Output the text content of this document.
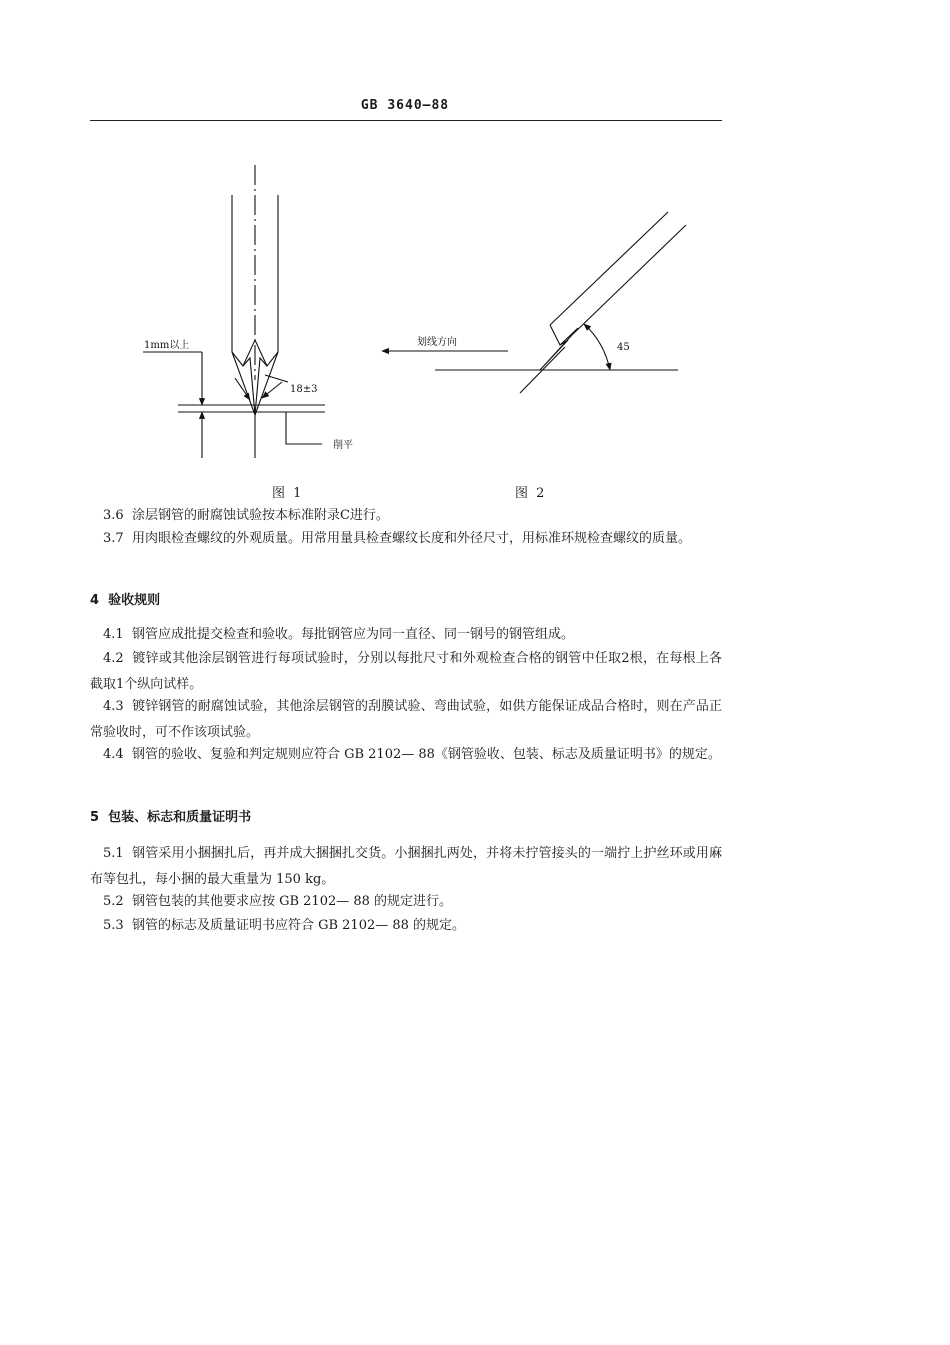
GB 3640—88
1mm以上
18±3
削平
划线方向	45
图 1	图 2
3.6 涂层钢管的耐腐蚀试验按本标准附录C进行。
3.7 用肉眼检查螺纹的外观质量。用常用量具检查螺纹长度和外径尺寸，用标准环规检查螺纹的质量。
4 验收规则
4.1 钢管应成批提交检查和验收。每批钢管应为同一直径、同一钢号的钢管组成。
4.2 镀锌或其他涂层钢管进行每项试验时，分别以每批尺寸和外观检查合格的钢管中任取2根，在每根上各截取1个纵向试样。
4.3 镀锌钢管的耐腐蚀试验，其他涂层钢管的刮膜试验、弯曲试验，如供方能保证成品合格时，则在产品正常验收时，可不作该项试验。
4.4 钢管的验收、复验和判定规则应符合 GB 2102— 88《钢管验收、包装、标志及质量证明书》的规定。
5 包装、标志和质量证明书
5.1 钢管采用小捆捆扎后，再并成大捆捆扎交货。小捆捆扎两处，并将未拧管接头的一端拧上护丝环或用麻布等包扎，每小捆的最大重量为 150 kg。
5.2 钢管包装的其他要求应按 GB 2102— 88 的规定进行。
5.3 钢管的标志及质量证明书应符合 GB 2102— 88 的规定。
